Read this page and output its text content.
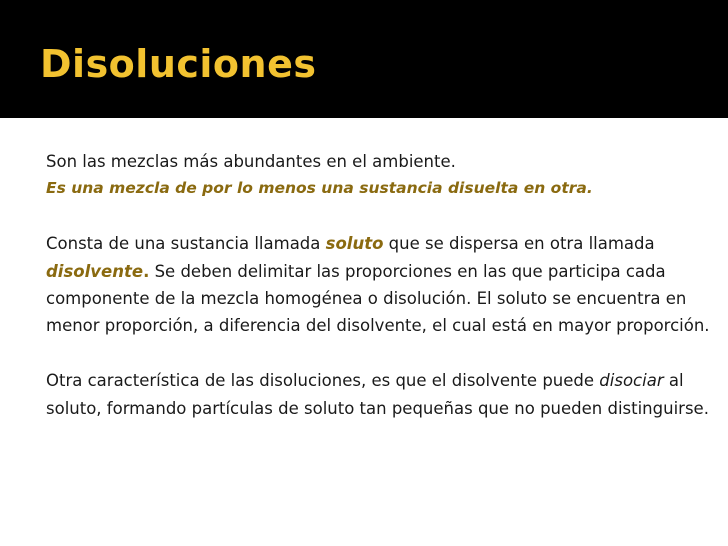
Disoluciones

Son las mezclas más abundantes en el ambiente.

Es una mezcla de por lo menos una sustancia disuelta en otra.

Consta de una sustancia llamada soluto que se dispersa en otra llamada disolvente. Se deben delimitar las proporciones en las que participa cada componente de la mezcla homogénea o disolución. El soluto se encuentra en menor proporción, a diferencia del disolvente, el cual está en mayor proporción.

Otra característica de las disoluciones, es que el disolvente puede disociar al soluto, formando partículas de soluto tan pequeñas que no pueden distinguirse.
